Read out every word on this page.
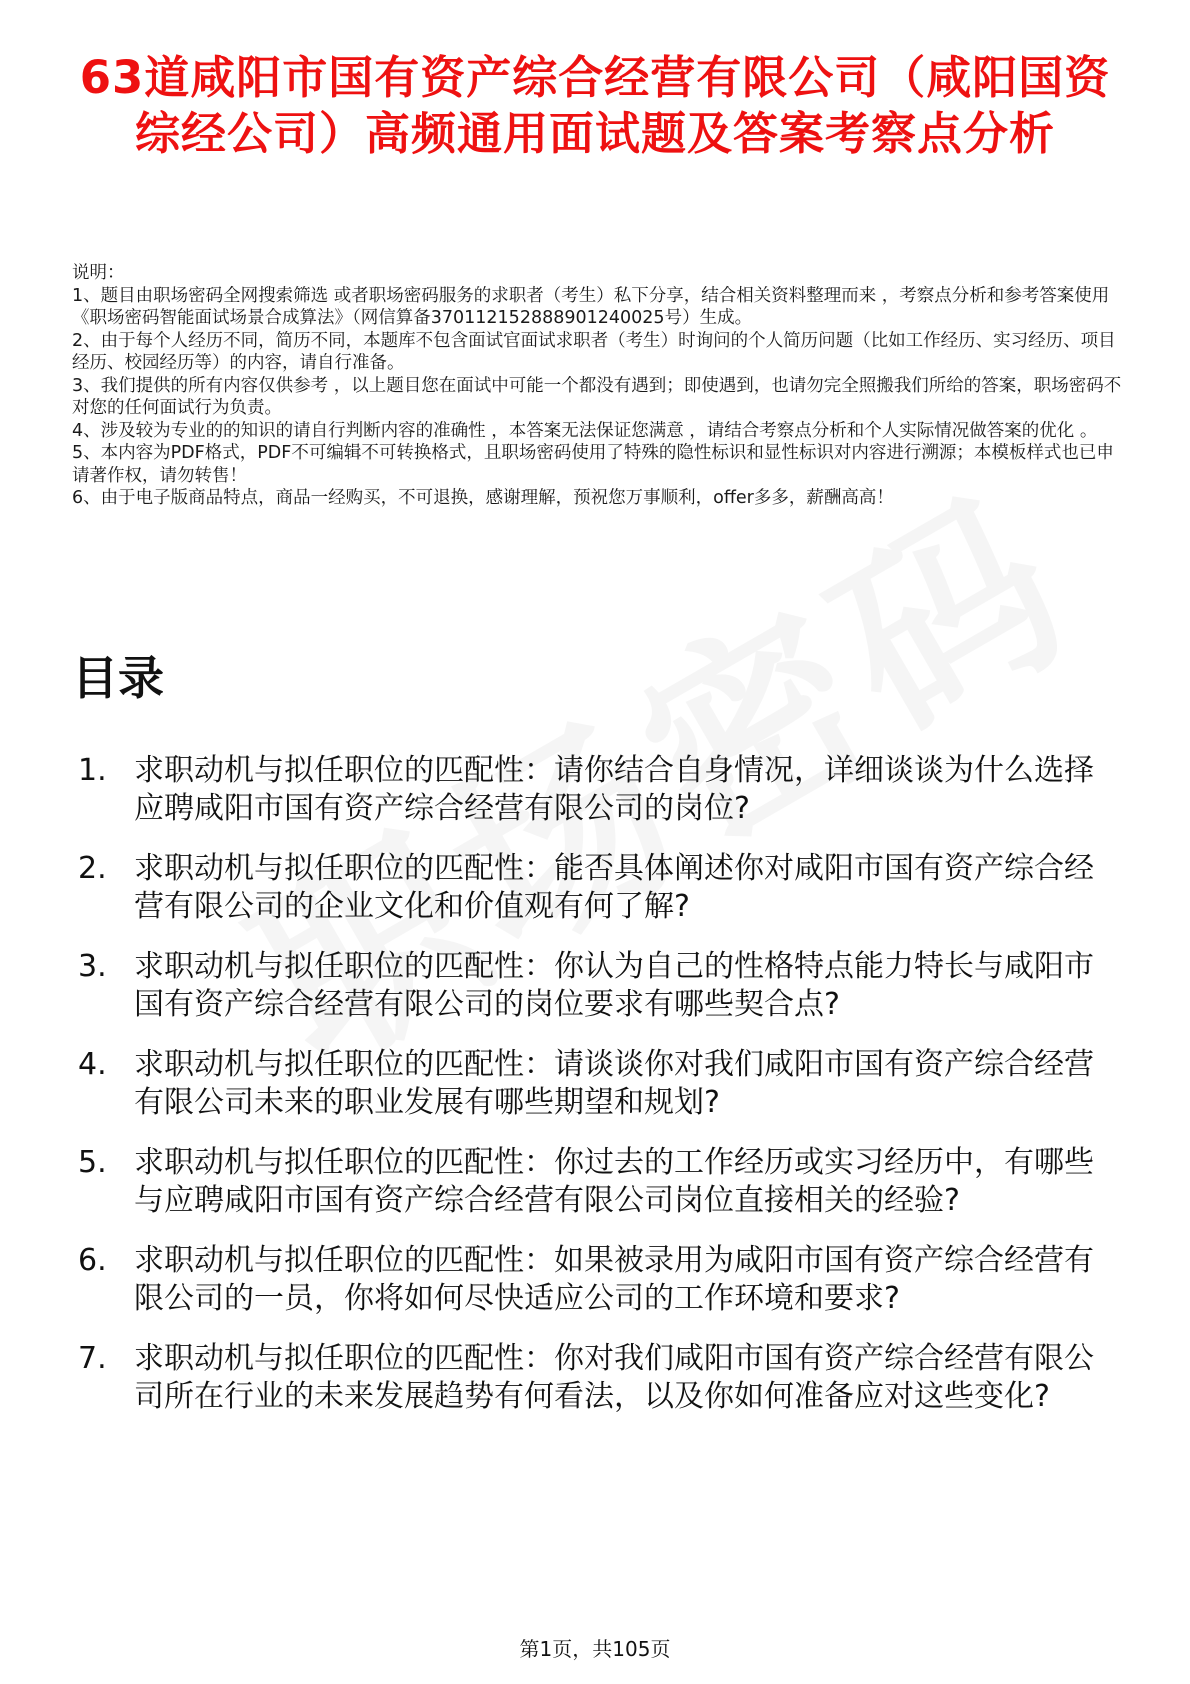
63道咸阳市国有资产综合经营有限公司（咸阳国资综经公司）高频通用面试题及答案考察点分析

说明：

1、题目由职场密码全网搜索筛选 或者职场密码服务的求职者（考生）私下分享，结合相关资料整理而来 ，考察点分析和参考答案使用《职场密码智能面试场景合成算法》（网信算备370112152888901240025号）生成。

2、由于每个人经历不同，简历不同，本题库不包含面试官面试求职者（考生）时询问的个人简历问题（比如工作经历、实习经历、项目经历、校园经历等）的内容，请自行准备。

3、我们提供的所有内容仅供参考 ，以上题目您在面试中可能一个都没有遇到；即使遇到，也请勿完全照搬我们所给的答案，职场密码不对您的任何面试行为负责。

4、涉及较为专业的的知识的请自行判断内容的准确性 ，本答案无法保证您满意 ，请结合考察点分析和个人实际情况做答案的优化 。

5、本内容为PDF格式，PDF不可编辑不可转换格式，且职场密码使用了特殊的隐性标识和显性标识对内容进行溯源；本模板样式也已申请著作权，请勿转售！

6、由于电子版商品特点，商品一经购买，不可退换，感谢理解，预祝您万事顺利，offer多多，薪酬高高！

目录
1. 求职动机与拟任职位的匹配性：请你结合自身情况，详细谈谈为什么选择应聘咸阳市国有资产综合经营有限公司的岗位?
2. 求职动机与拟任职位的匹配性：能否具体阐述你对咸阳市国有资产综合经营有限公司的企业文化和价值观有何了解?
3. 求职动机与拟任职位的匹配性：你认为自己的性格特点能力特长与咸阳市国有资产综合经营有限公司的岗位要求有哪些契合点?
4. 求职动机与拟任职位的匹配性：请谈谈你对我们咸阳市国有资产综合经营有限公司未来的职业发展有哪些期望和规划?
5. 求职动机与拟任职位的匹配性：你过去的工作经历或实习经历中，有哪些与应聘咸阳市国有资产综合经营有限公司岗位直接相关的经验?
6. 求职动机与拟任职位的匹配性：如果被录用为咸阳市国有资产综合经营有限公司的一员，你将如何尽快适应公司的工作环境和要求?
7. 求职动机与拟任职位的匹配性：你对我们咸阳市国有资产综合经营有限公司所在行业的未来发展趋势有何看法，以及你如何准备应对这些变化?
第1页，共105页
